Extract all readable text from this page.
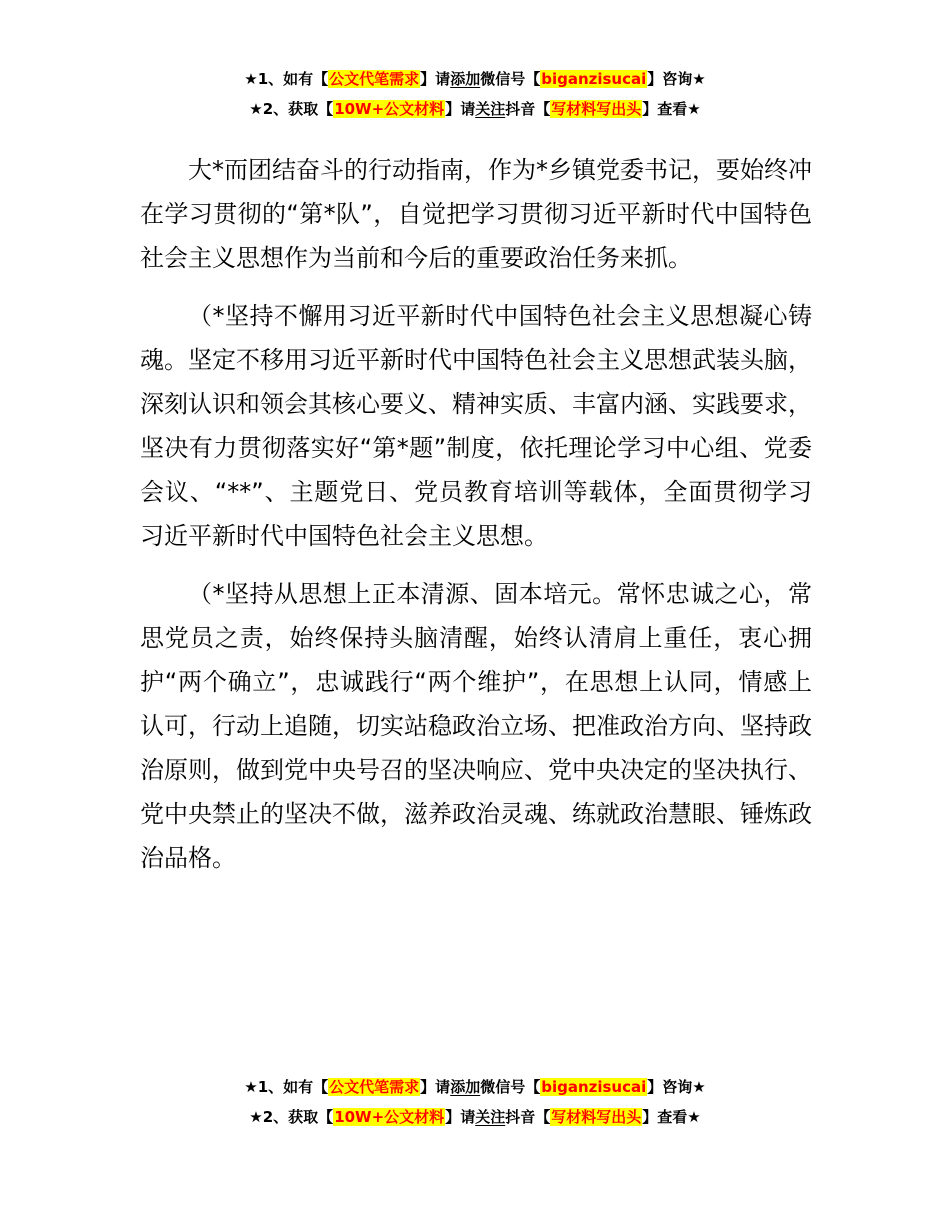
★1、如有【公文代笔需求】请添加微信号【biganzisucai】咨询★
★2、获取【10W+公文材料】请关注抖音【写材料写出头】查看★

大*而团结奋斗的行动指南，作为*乡镇党委书记，要始终冲在学习贯彻的“第*队”，自觉把学习贯彻习近平新时代中国特色社会主义思想作为当前和今后的重要政治任务来抓。

（*坚持不懈用习近平新时代中国特色社会主义思想凝心铸魂。坚定不移用习近平新时代中国特色社会主义思想武装头脑，深刻认识和领会其核心要义、精神实质、丰富内涵、实践要求，坚决有力贯彻落实好“第*题”制度，依托理论学习中心组、党委会议、“**”、主题党日、党员教育培训等载体，全面贯彻学习习近平新时代中国特色社会主义思想。

（*坚持从思想上正本清源、固本培元。常怀忠诚之心，常思党员之责，始终保持头脑清醒，始终认清肩上重任，衷心拥护“两个确立”，忠诚践行“两个维护”，在思想上认同，情感上认可，行动上追随，切实站稳政治立场、把准政治方向、坚持政治原则，做到党中央号召的坚决响应、党中央决定的坚决执行、党中央禁止的坚决不做，滋养政治灵魂、练就政治慧眼、锤炼政治品格。

★1、如有【公文代笔需求】请添加微信号【biganzisucai】咨询★
★2、获取【10W+公文材料】请关注抖音【写材料写出头】查看★
